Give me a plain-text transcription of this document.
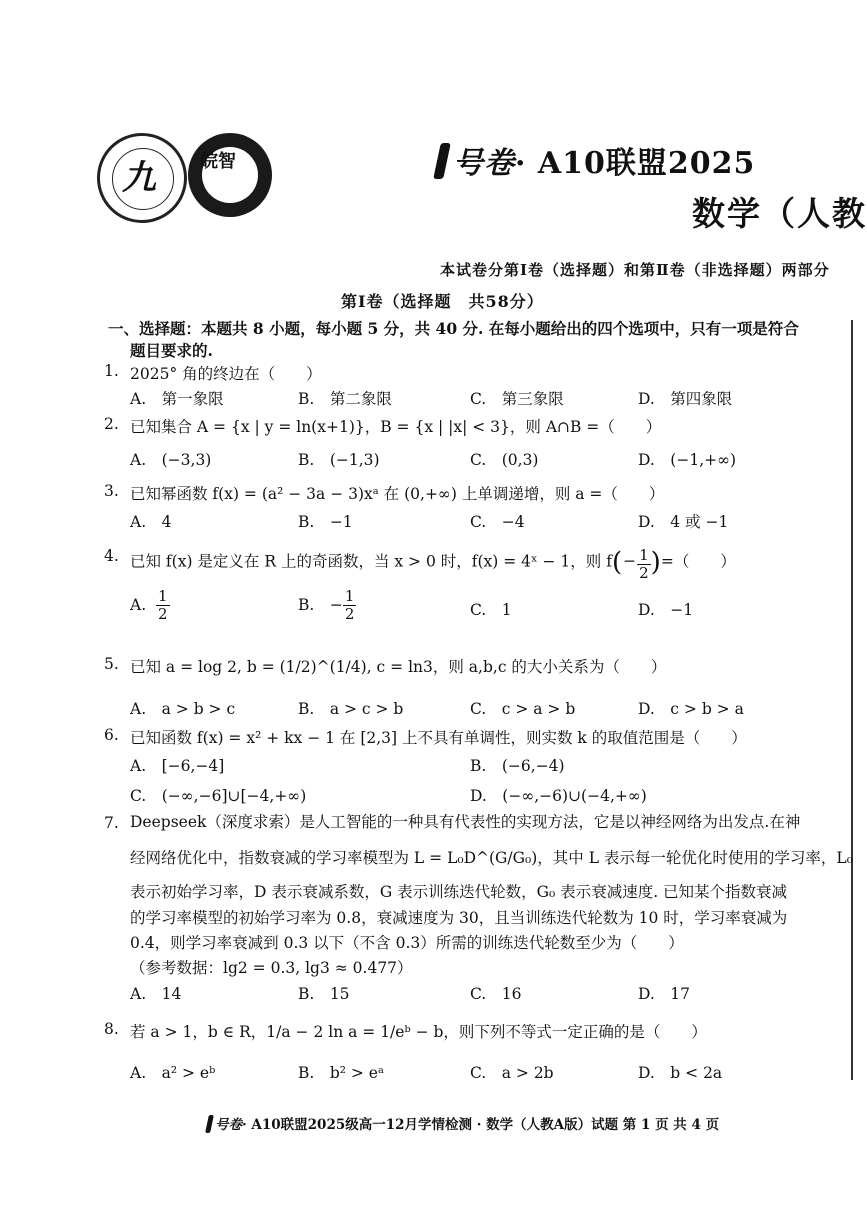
九 皖智	号卷· A10联盟2025
数学（人教
本试卷分第Ⅰ卷（选择题）和第Ⅱ卷（非选择题）两部分
第Ⅰ卷（选择题　共58分）
一、选择题：本题共 8 小题，每小题 5 分，共 40 分. 在每小题给出的四个选项中，只有一项是符合
题目要求的.
1. 2025° 角的终边在（　　）
A.　第一象限	B.　第二象限	C.　第三象限	D.　第四象限
2. 已知集合 A = {x | y = ln(x+1)}，B = {x | |x| < 3}，则 A∩B =（　　）
A.　(−3,3)	B.　(−1,3)	C.　(0,3)	D.　(−1,+∞)
3. 已知幂函数 f(x) = (a² − 3a − 3)xᵃ 在 (0,+∞) 上单调递增，则 a =（　　）
A.　4	B.　−1	C.　−4	D.　4 或 −1
4. 已知 f(x) 是定义在 R 上的奇函数，当 x > 0 时，f(x) = 4ˣ − 1，则 $f(- \frac{1}{2}$ )=（　　）
A. $\frac{1}{2}$	B.　− $\frac{1}{2}$	C.　1	D.　−1
5. 已知 a = log 2, b = (1/2)^(1/4), c = ln3，则 a,b,c 的大小关系为（　　）
A.　a > b > c	B.　a > c > b	C.　c > a > b	D.　c > b > a
6. 已知函数 f(x) = x² + kx − 1 在 [2,3] 上不具有单调性，则实数 k 的取值范围是（　　）
A.　[−6,−4]	B.　(−6,−4)
C.　(−∞,−6]∪[−4,+∞)	D.　(−∞,−6)∪(−4,+∞)
7. Deepseek（深度求索）是人工智能的一种具有代表性的实现方法，它是以神经网络为出发点.在神
经网络优化中，指数衰减的学习率模型为 L = L₀D^(G/G₀)，其中 L 表示每一轮优化时使用的学习率，L₀
表示初始学习率，D 表示衰减系数，G 表示训练迭代轮数，G₀ 表示衰减速度. 已知某个指数衰减
的学习率模型的初始学习率为 0.8，衰减速度为 30，且当训练迭代轮数为 10 时，学习率衰减为
0.4，则学习率衰减到 0.3 以下（不含 0.3）所需的训练迭代轮数至少为（　　）
（参考数据：lg2 = 0.3, lg3 ≈ 0.477）
A.　14	B.　15	C.　16	D.　17
8. 若 a > 1，b ∈ R，1/a − 2 ln a = 1/eᵇ − b，则下列不等式一定正确的是（　　）
A.　a² > eᵇ	B.　b² > eᵃ	C.　a > 2b	D.　b < 2a
号卷· A10联盟2025级高一12月学情检测 · 数学（人教A版）试题 第 1 页 共 4 页
